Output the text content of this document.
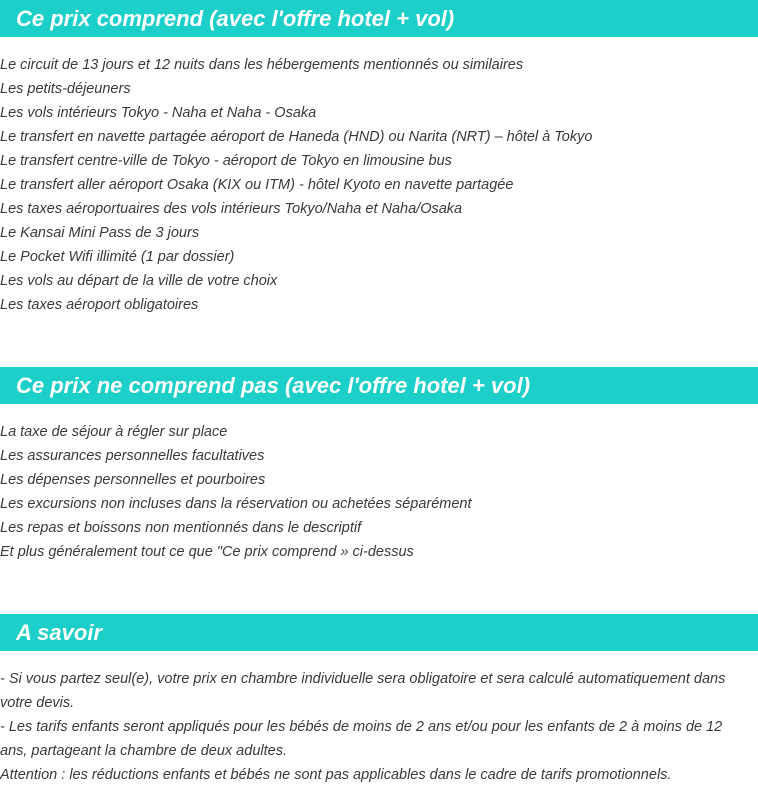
Ce prix comprend (avec l'offre hotel + vol)
Le circuit de 13 jours et 12 nuits dans les hébergements mentionnés ou similaires
Les petits-déjeuners
Les vols intérieurs Tokyo - Naha et Naha - Osaka
Le transfert en navette partagée aéroport de Haneda (HND) ou Narita (NRT) – hôtel à Tokyo
Le transfert centre-ville de Tokyo - aéroport de Tokyo en limousine bus
Le transfert aller aéroport Osaka (KIX ou ITM) - hôtel Kyoto en navette partagée
Les taxes aéroportuaires des vols intérieurs Tokyo/Naha et Naha/Osaka
Le Kansai Mini Pass de 3 jours
Le Pocket Wifi illimité (1 par dossier)
Les vols au départ de la ville de votre choix
Les taxes aéroport obligatoires
Ce prix ne comprend pas (avec l'offre hotel + vol)
La taxe de séjour à régler sur place
Les assurances personnelles facultatives
Les dépenses personnelles et pourboires
Les excursions non incluses dans la réservation ou achetées séparément
Les repas et boissons non mentionnés dans le descriptif
Et plus généralement tout ce que "Ce prix comprend » ci-dessus
A savoir

- Si vous partez seul(e), votre prix en chambre individuelle sera obligatoire et sera calculé automatiquement dans votre devis.

- Les tarifs enfants seront appliqués pour les bébés de moins de 2 ans et/ou pour les enfants de 2 à moins de 12 ans, partageant la chambre de deux adultes.

Attention : les réductions enfants et bébés ne sont pas applicables dans le cadre de tarifs promotionnels.
